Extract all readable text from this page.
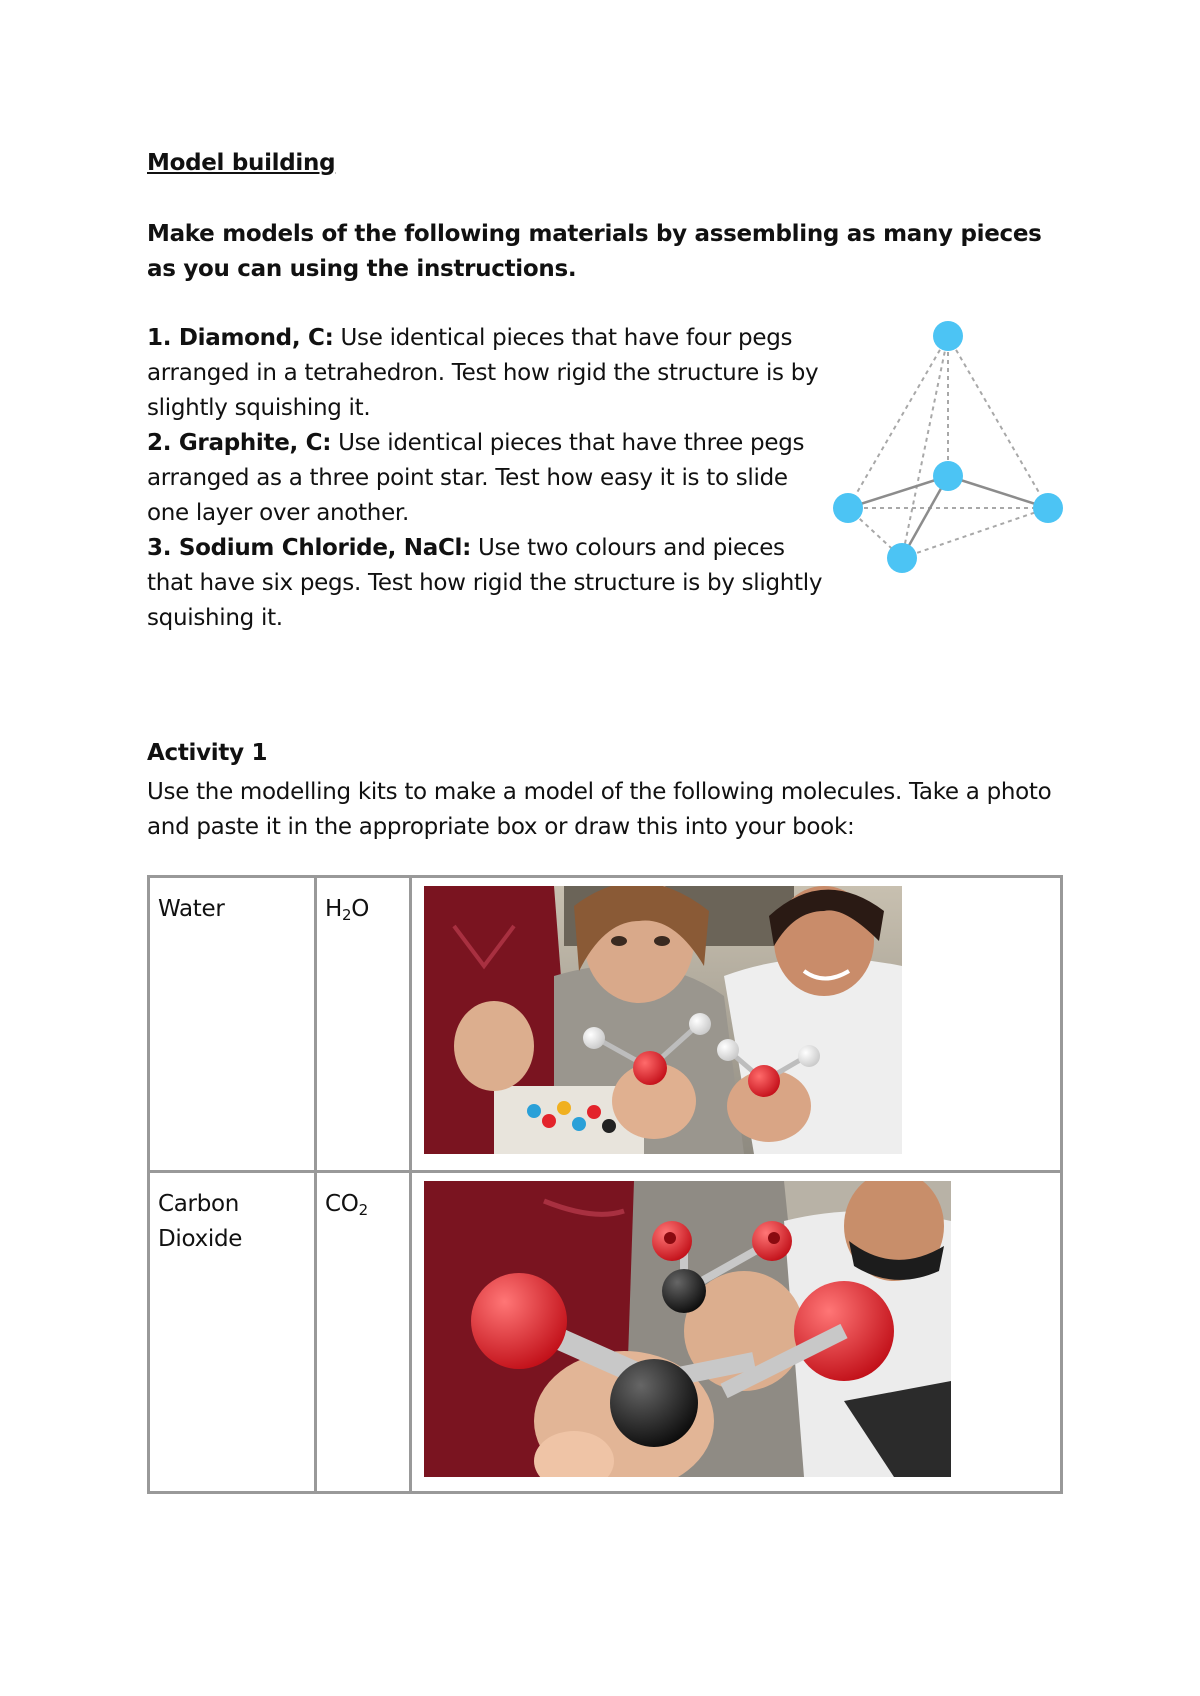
Model building
Make models of the following materials by assembling as many pieces as you can using the instructions.

1. Diamond, C: Use identical pieces that have four pegs arranged in a tetrahedron. Test how rigid the structure is by slightly squishing it.

2. Graphite, C: Use identical pieces that have three pegs arranged as a three point star. Test how easy it is to slide one layer over another.

3. Sodium Chloride, NaCl: Use two colours and pieces that have six pegs. Test how rigid the structure is by slightly squishing it.

Activity 1
Use the modelling kits to make a model of the following molecules. Take a photo and paste it in the appropriate box or draw this into your book:
Water	$H_2O$	

Carbon Dioxide	$CO_2$	
